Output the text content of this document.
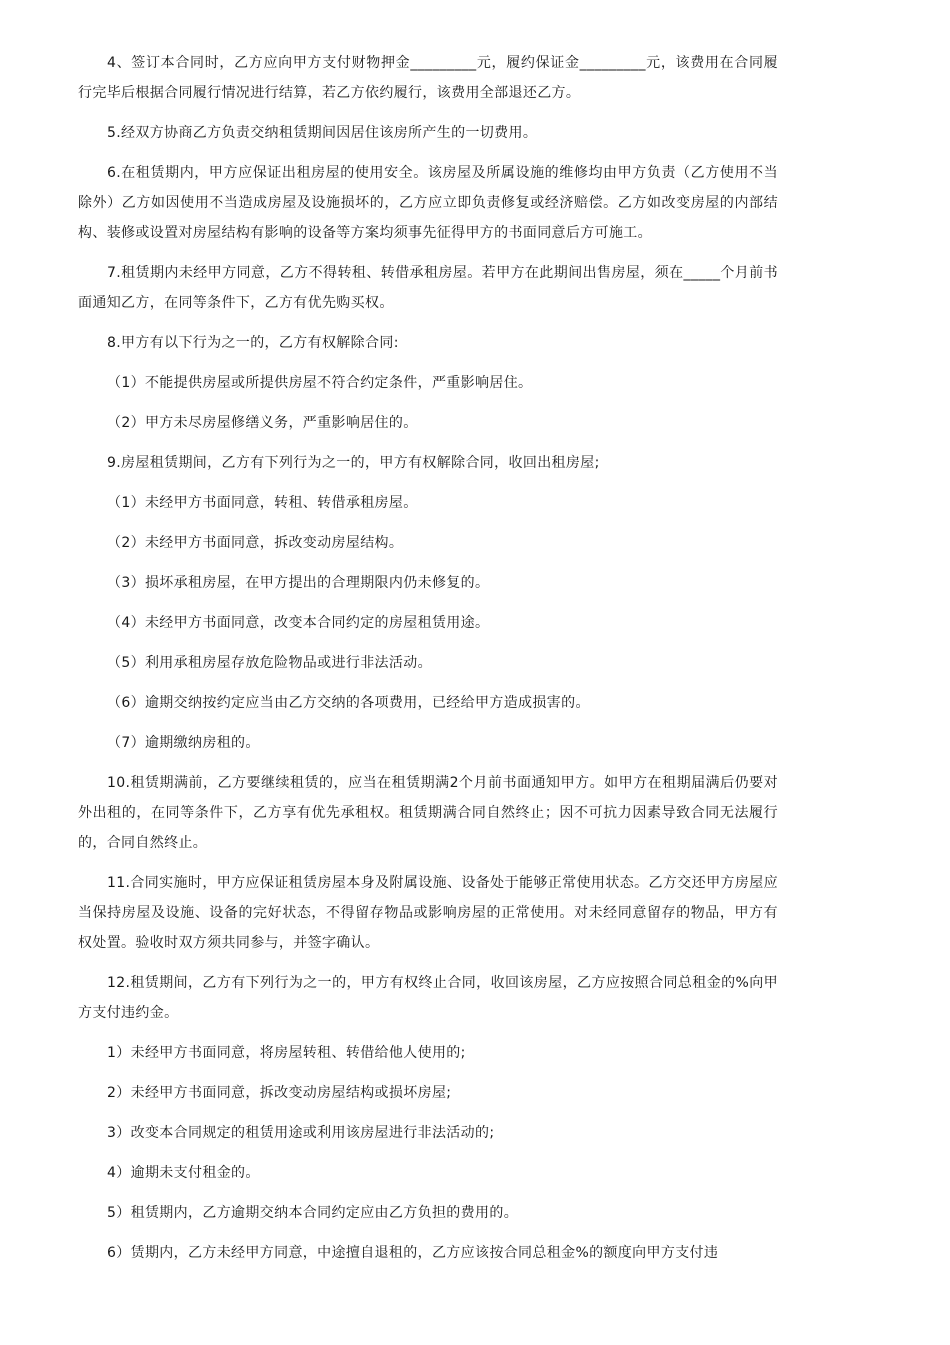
4、签订本合同时，乙方应向甲方支付财物押金_________元，履约保证金_________元，该费用在合同履行完毕后根据合同履行情况进行结算，若乙方依约履行，该费用全部退还乙方。

5.经双方协商乙方负责交纳租赁期间因居住该房所产生的一切费用。

6.在租赁期内，甲方应保证出租房屋的使用安全。该房屋及所属设施的维修均由甲方负责（乙方使用不当除外）乙方如因使用不当造成房屋及设施损坏的，乙方应立即负责修复或经济赔偿。乙方如改变房屋的内部结构、装修或设置对房屋结构有影响的设备等方案均须事先征得甲方的书面同意后方可施工。

7.租赁期内未经甲方同意，乙方不得转租、转借承租房屋。若甲方在此期间出售房屋，须在_____个月前书面通知乙方，在同等条件下，乙方有优先购买权。

8.甲方有以下行为之一的，乙方有权解除合同:

（1）不能提供房屋或所提供房屋不符合约定条件，严重影响居住。

（2）甲方未尽房屋修缮义务，严重影响居住的。

9.房屋租赁期间，乙方有下列行为之一的，甲方有权解除合同，收回出租房屋;

（1）未经甲方书面同意，转租、转借承租房屋。

（2）未经甲方书面同意，拆改变动房屋结构。

（3）损坏承租房屋，在甲方提出的合理期限内仍未修复的。

（4）未经甲方书面同意，改变本合同约定的房屋租赁用途。

（5）利用承租房屋存放危险物品或进行非法活动。

（6）逾期交纳按约定应当由乙方交纳的各项费用，已经给甲方造成损害的。

（7）逾期缴纳房租的。

10.租赁期满前，乙方要继续租赁的，应当在租赁期满2个月前书面通知甲方。如甲方在租期届满后仍要对外出租的，在同等条件下，乙方享有优先承租权。租赁期满合同自然终止；因不可抗力因素导致合同无法履行的，合同自然终止。

11.合同实施时，甲方应保证租赁房屋本身及附属设施、设备处于能够正常使用状态。乙方交还甲方房屋应当保持房屋及设施、设备的完好状态，不得留存物品或影响房屋的正常使用。对未经同意留存的物品，甲方有权处置。验收时双方须共同参与，并签字确认。

12.租赁期间，乙方有下列行为之一的，甲方有权终止合同，收回该房屋，乙方应按照合同总租金的%向甲方支付违约金。

1）未经甲方书面同意，将房屋转租、转借给他人使用的;

2）未经甲方书面同意，拆改变动房屋结构或损坏房屋;

3）改变本合同规定的租赁用途或利用该房屋进行非法活动的;

4）逾期未支付租金的。

5）租赁期内，乙方逾期交纳本合同约定应由乙方负担的费用的。

6）赁期内，乙方未经甲方同意，中途擅自退租的，乙方应该按合同总租金%的额度向甲方支付违
